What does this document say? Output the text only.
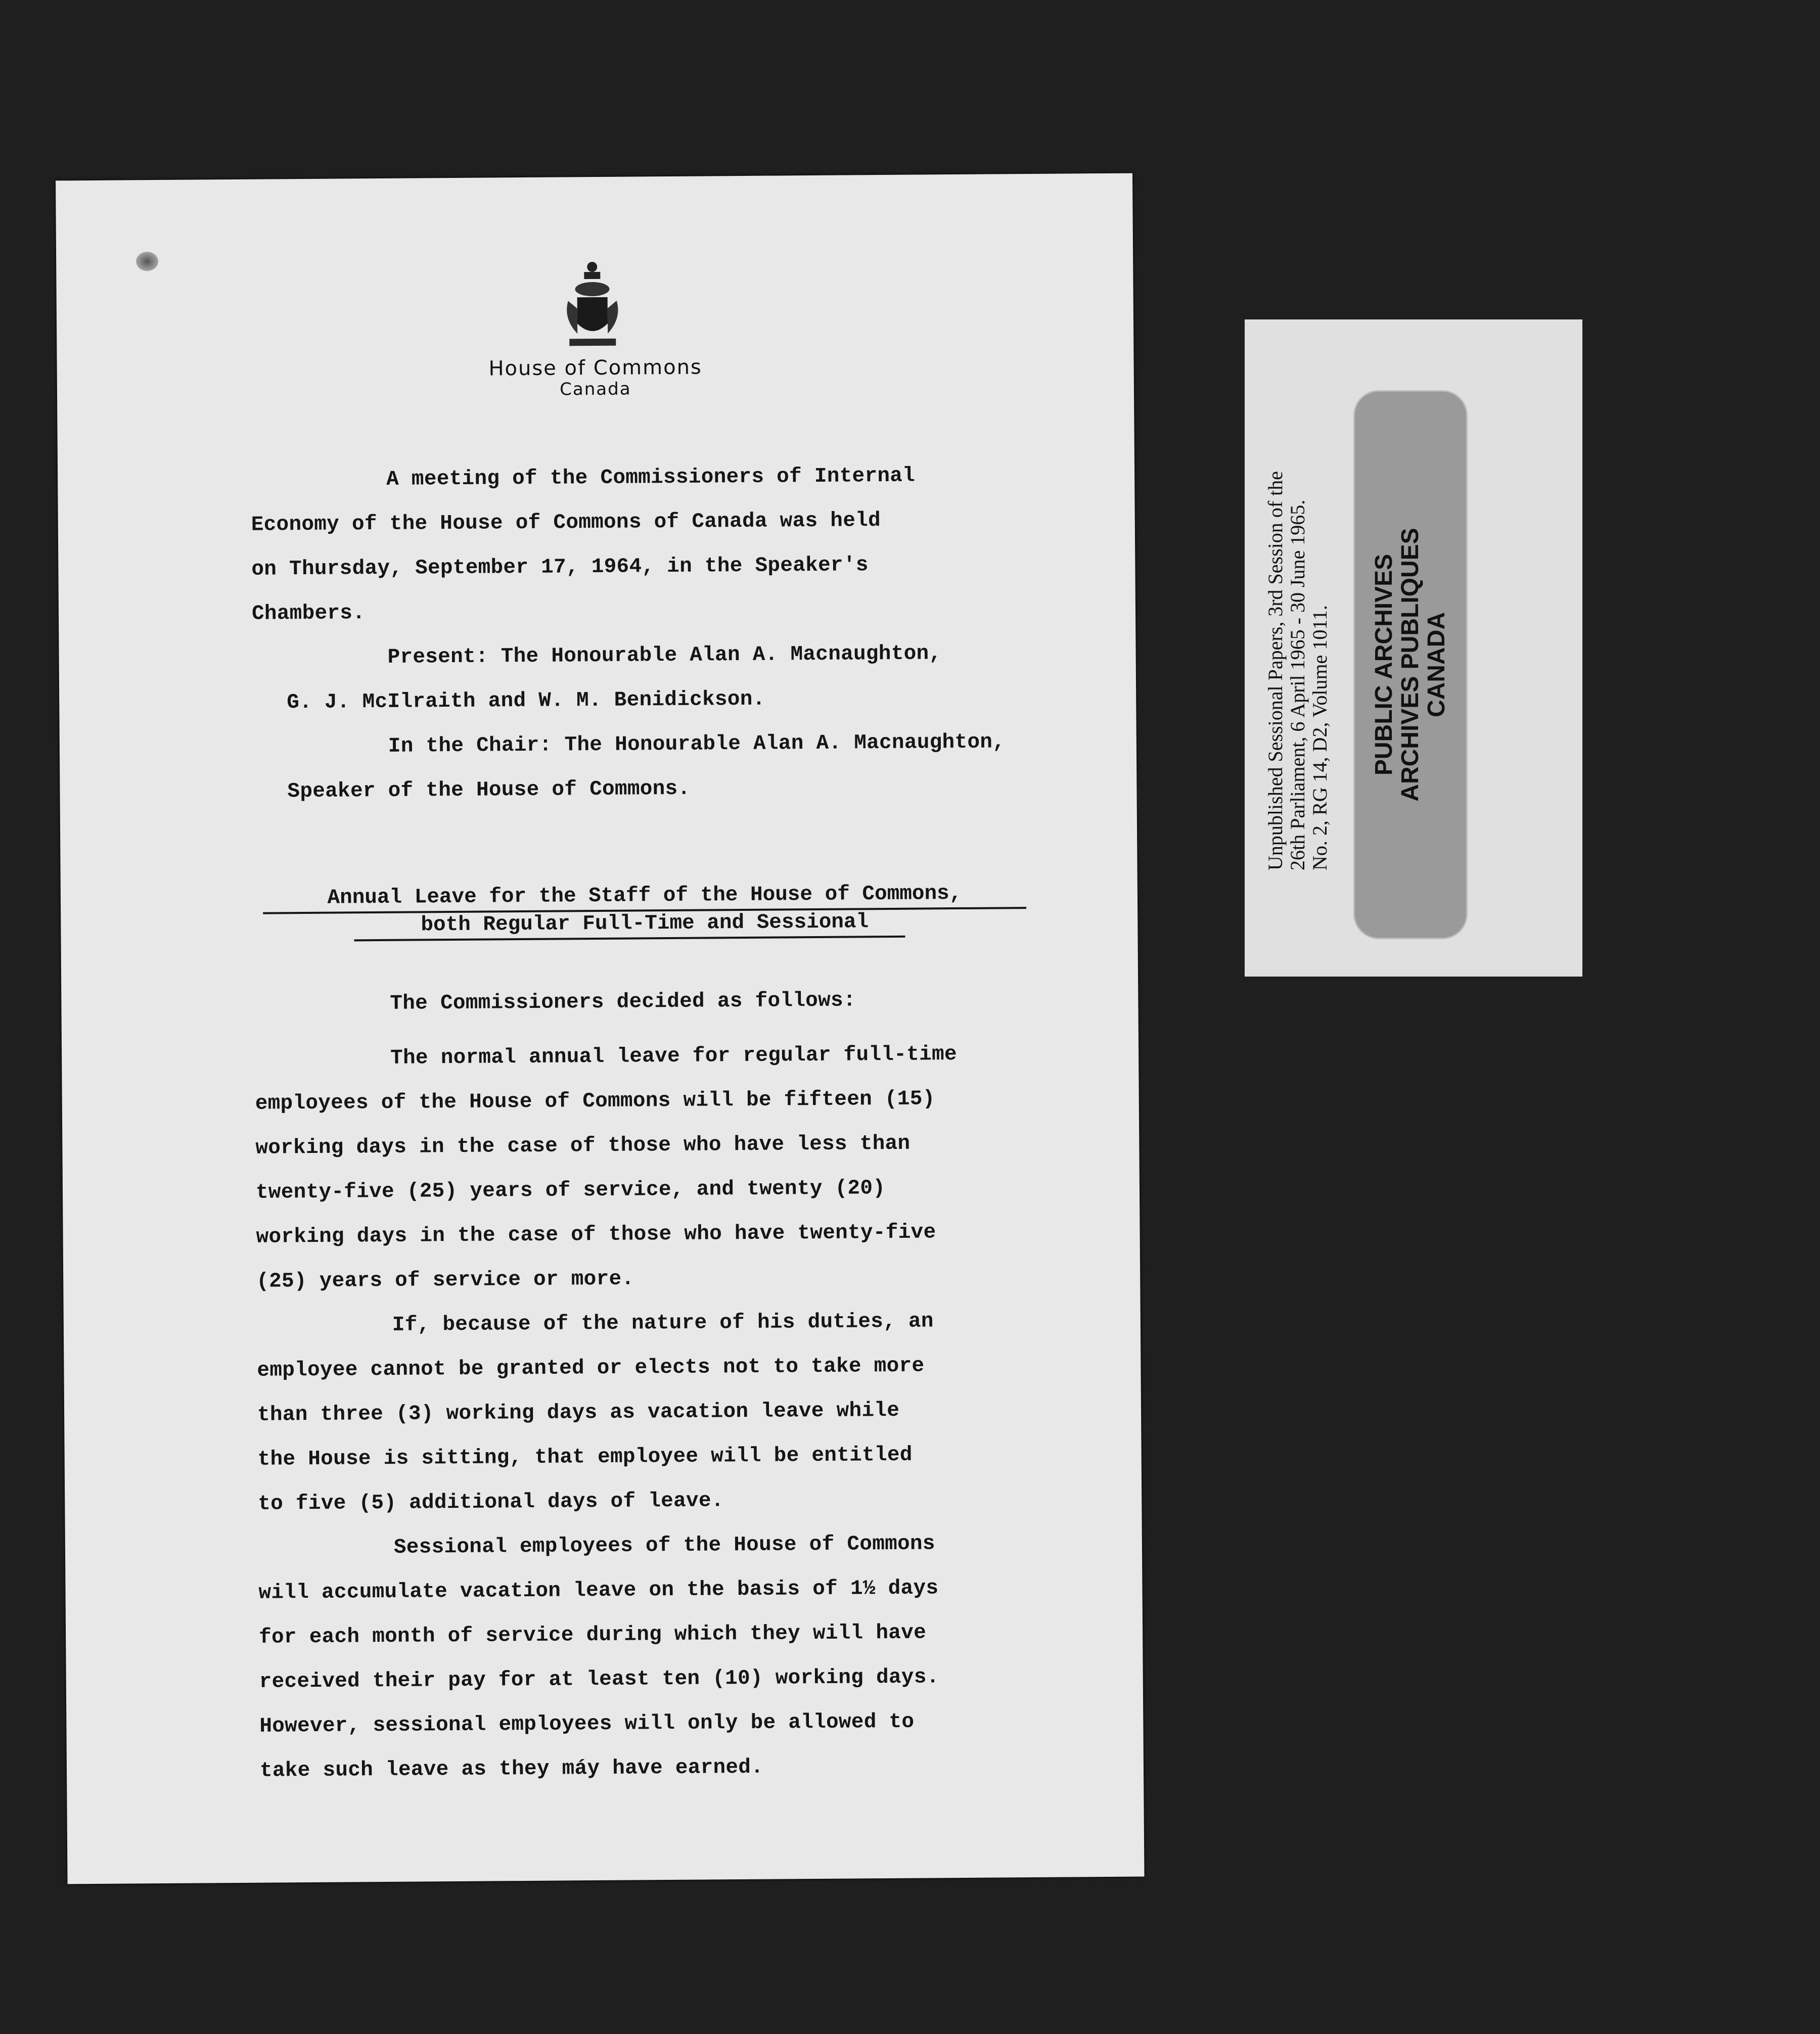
House of Commons
Canada
A meeting of the Commissioners of Internal
Economy of the House of Commons of Canada was held
on Thursday, September 17, 1964, in the Speaker's
Chambers.
Present: The Honourable Alan A. Macnaughton,
G. J. McIlraith and W. M. Benidickson.
In the Chair: The Honourable Alan A. Macnaughton,
Speaker of the House of Commons.
Annual Leave for the Staff of the House of Commons,
both Regular Full-Time and Sessional
The Commissioners decided as follows:
The normal annual leave for regular full-time
employees of the House of Commons will be fifteen (15)
working days in the case of those who have less than
twenty-five (25) years of service, and twenty (20)
working days in the case of those who have twenty-five
(25) years of service or more.
If, because of the nature of his duties, an
employee cannot be granted or elects not to take more
than three (3) working days as vacation leave while
the House is sitting, that employee will be entitled
to five (5) additional days of leave.
Sessional employees of the House of Commons
will accumulate vacation leave on the basis of 1½ days
for each month of service during which they will have
received their pay for at least ten (10) working days.
However, sessional employees will only be allowed to
take such leave as they máy have earned.
Unpublished Sessional Papers, 3rd Session of the 26th Parliament, 6 April 1965 - 30 June 1965. No. 2, RG 14, D2, Volume 1011. PUBLIC ARCHIVES ARCHIVES PUBLIQUES CANADA
